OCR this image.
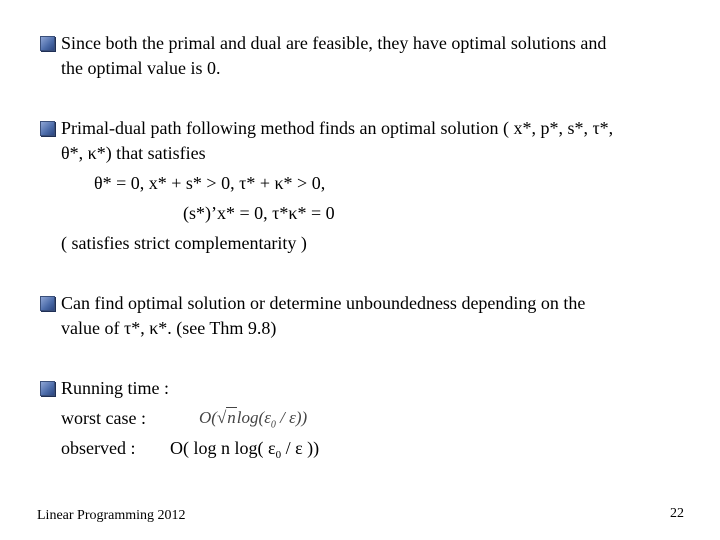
Since both the primal and dual are feasible, they have optimal solutions and
the optimal value is 0.
Primal-dual path following method finds an optimal solution ( x*, p*, s*, τ*,
θ*, κ*) that satisfies
θ* = 0, x* + s* > 0, τ* + κ* > 0,
(s*)’x* = 0, τ*κ* = 0
( satisfies strict complementarity )
Can find optimal solution or determine unboundedness depending on the
value of τ*, κ*. (see Thm 9.8)
Running time :
worst case :	$O(√nlog(\varepsilon_0 / \varepsilon))$
observed : O( log n log( $\varepsilon_0$ / ε ))
Linear Programming 2012	22
